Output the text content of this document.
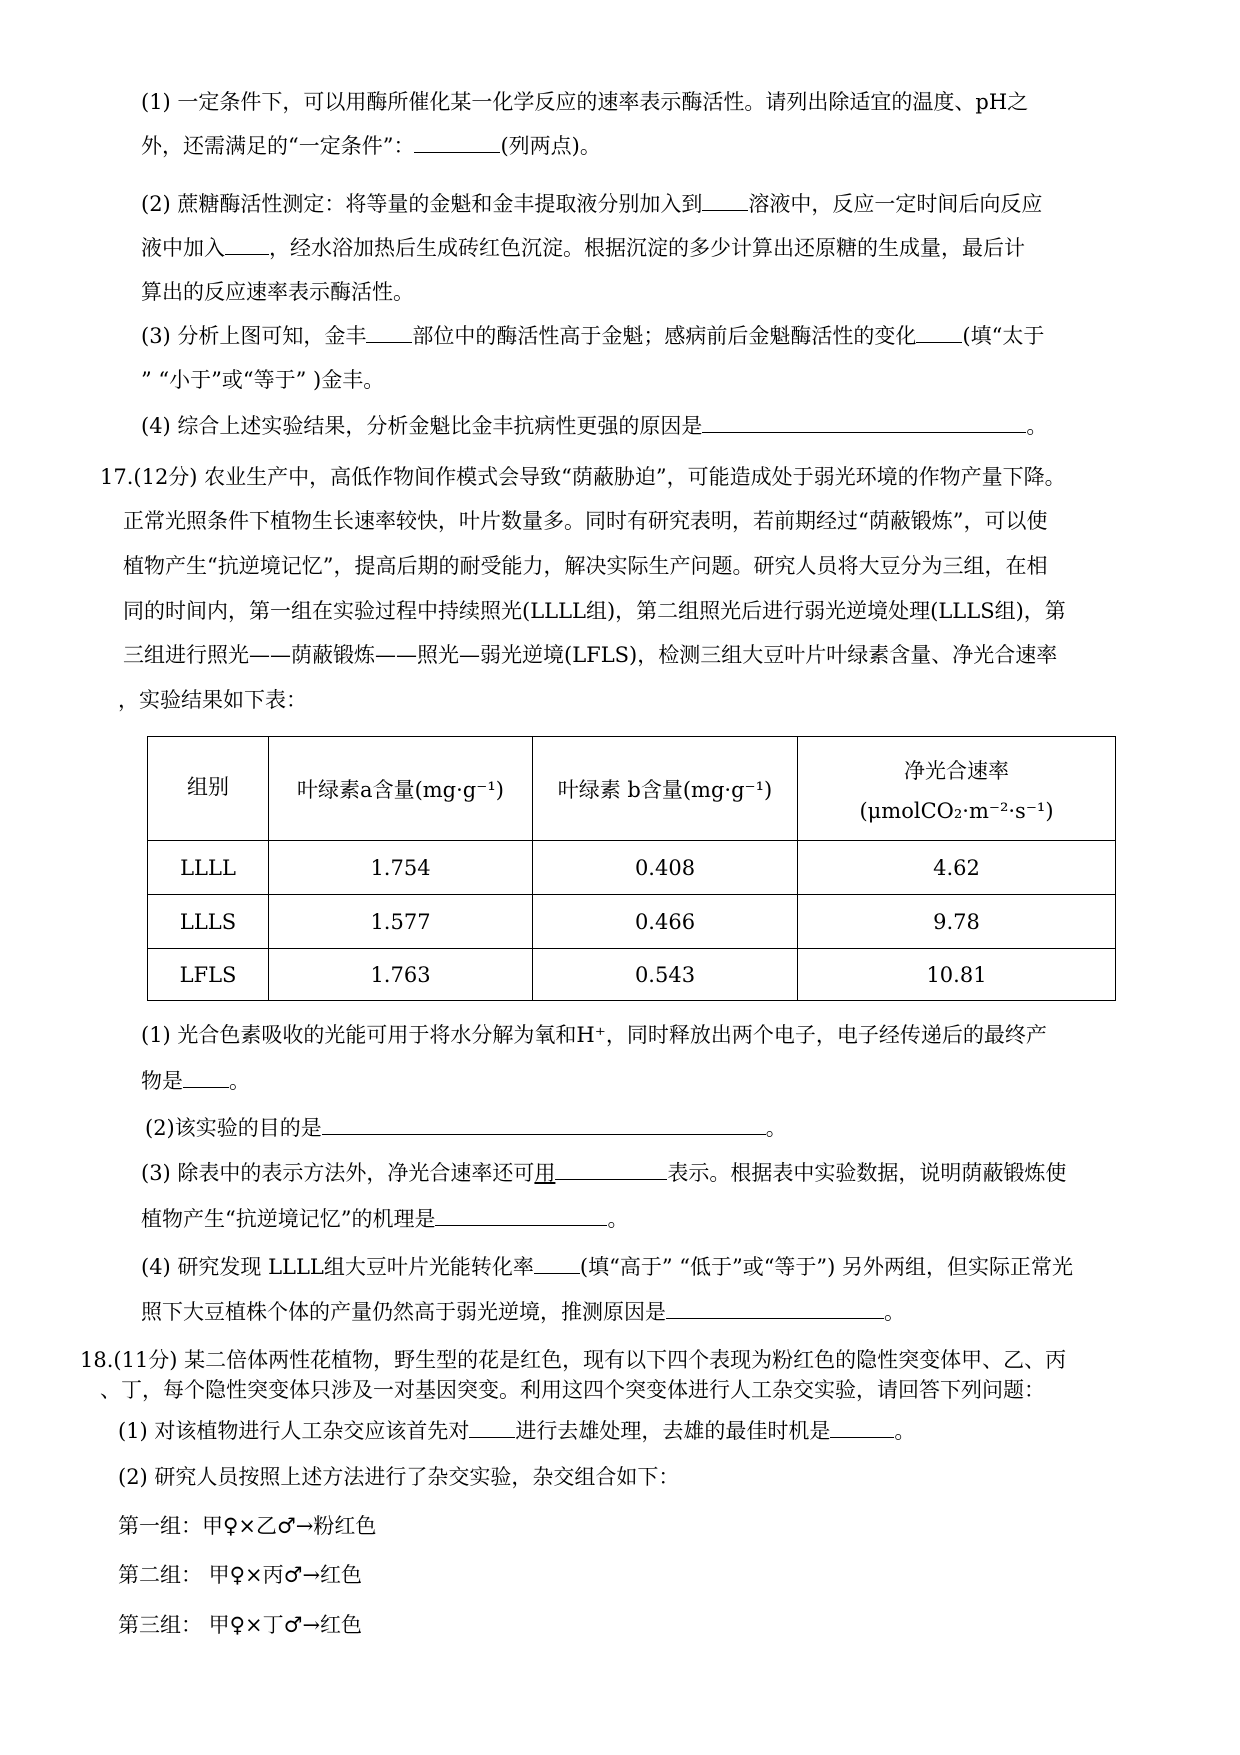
(1) 一定条件下，可以用酶所催化某一化学反应的速率表示酶活性。请列出除适宜的温度、pH之
外，还需满足的“一定条件”：	(列两点)。
(2) 蔗糖酶活性测定：将等量的金魁和金丰提取液分别加入到 溶液中，反应一定时间后向反应
液中加入 ，经水浴加热后生成砖红色沉淀。根据沉淀的多少计算出还原糖的生成量，最后计
算出的反应速率表示酶活性。
(3) 分析上图可知，金丰 部位中的酶活性高于金魁；感病前后金魁酶活性的变化 (填“太于
” “小于”或“等于” )金丰。
(4) 综合上述实验结果，分析金魁比金丰抗病性更强的原因是	。
17.(12分) 农业生产中，高低作物间作模式会导致“荫蔽胁迫”，可能造成处于弱光环境的作物产量下降。
正常光照条件下植物生长速率较快，叶片数量多。同时有研究表明，若前期经过“荫蔽锻炼”，可以使
植物产生“抗逆境记忆”，提高后期的耐受能力，解决实际生产问题。研究人员将大豆分为三组，在相
同的时间内，第一组在实验过程中持续照光(LLLL组)，第二组照光后进行弱光逆境处理(LLLS组)，第
三组进行照光——荫蔽锻炼——照光—弱光逆境(LFLS)，检测三组大豆叶片叶绿素含量、净光合速率
，实验结果如下表：
组别	叶绿素a含量(mg·g⁻¹)	叶绿素 b含量(mg·g⁻¹)	净光合速率
(μmolCO₂·m⁻²·s⁻¹)

LLLL	1.754	0.408	4.62
LLLS	1.577	0.466	9.78
LFLS	1.763	0.543	10.81
(1) 光合色素吸收的光能可用于将水分解为氧和H⁺，同时释放出两个电子，电子经传递后的最终产
物是 。
(2)该实验的目的是	。
(3) 除表中的表示方法外，净光合速率还可用	表示。根据表中实验数据，说明荫蔽锻炼使
植物产生“抗逆境记忆”的机理是	。
(4) 研究发现 LLLL组大豆叶片光能转化率 (填“高于” “低于”或“等于”) 另外两组，但实际正常光
照下大豆植株个体的产量仍然高于弱光逆境，推测原因是	。
18.(11分) 某二倍体两性花植物，野生型的花是红色，现有以下四个表现为粉红色的隐性突变体甲、乙、丙
、丁，每个隐性突变体只涉及一对基因突变。利用这四个突变体进行人工杂交实验，请回答下列问题：
(1) 对该植物进行人工杂交应该首先对 进行去雄处理，去雄的最佳时机是	。
(2) 研究人员按照上述方法进行了杂交实验，杂交组合如下：
第一组：甲♀×乙♂→粉红色
第二组： 甲♀×丙♂→红色
第三组： 甲♀×丁♂→红色
